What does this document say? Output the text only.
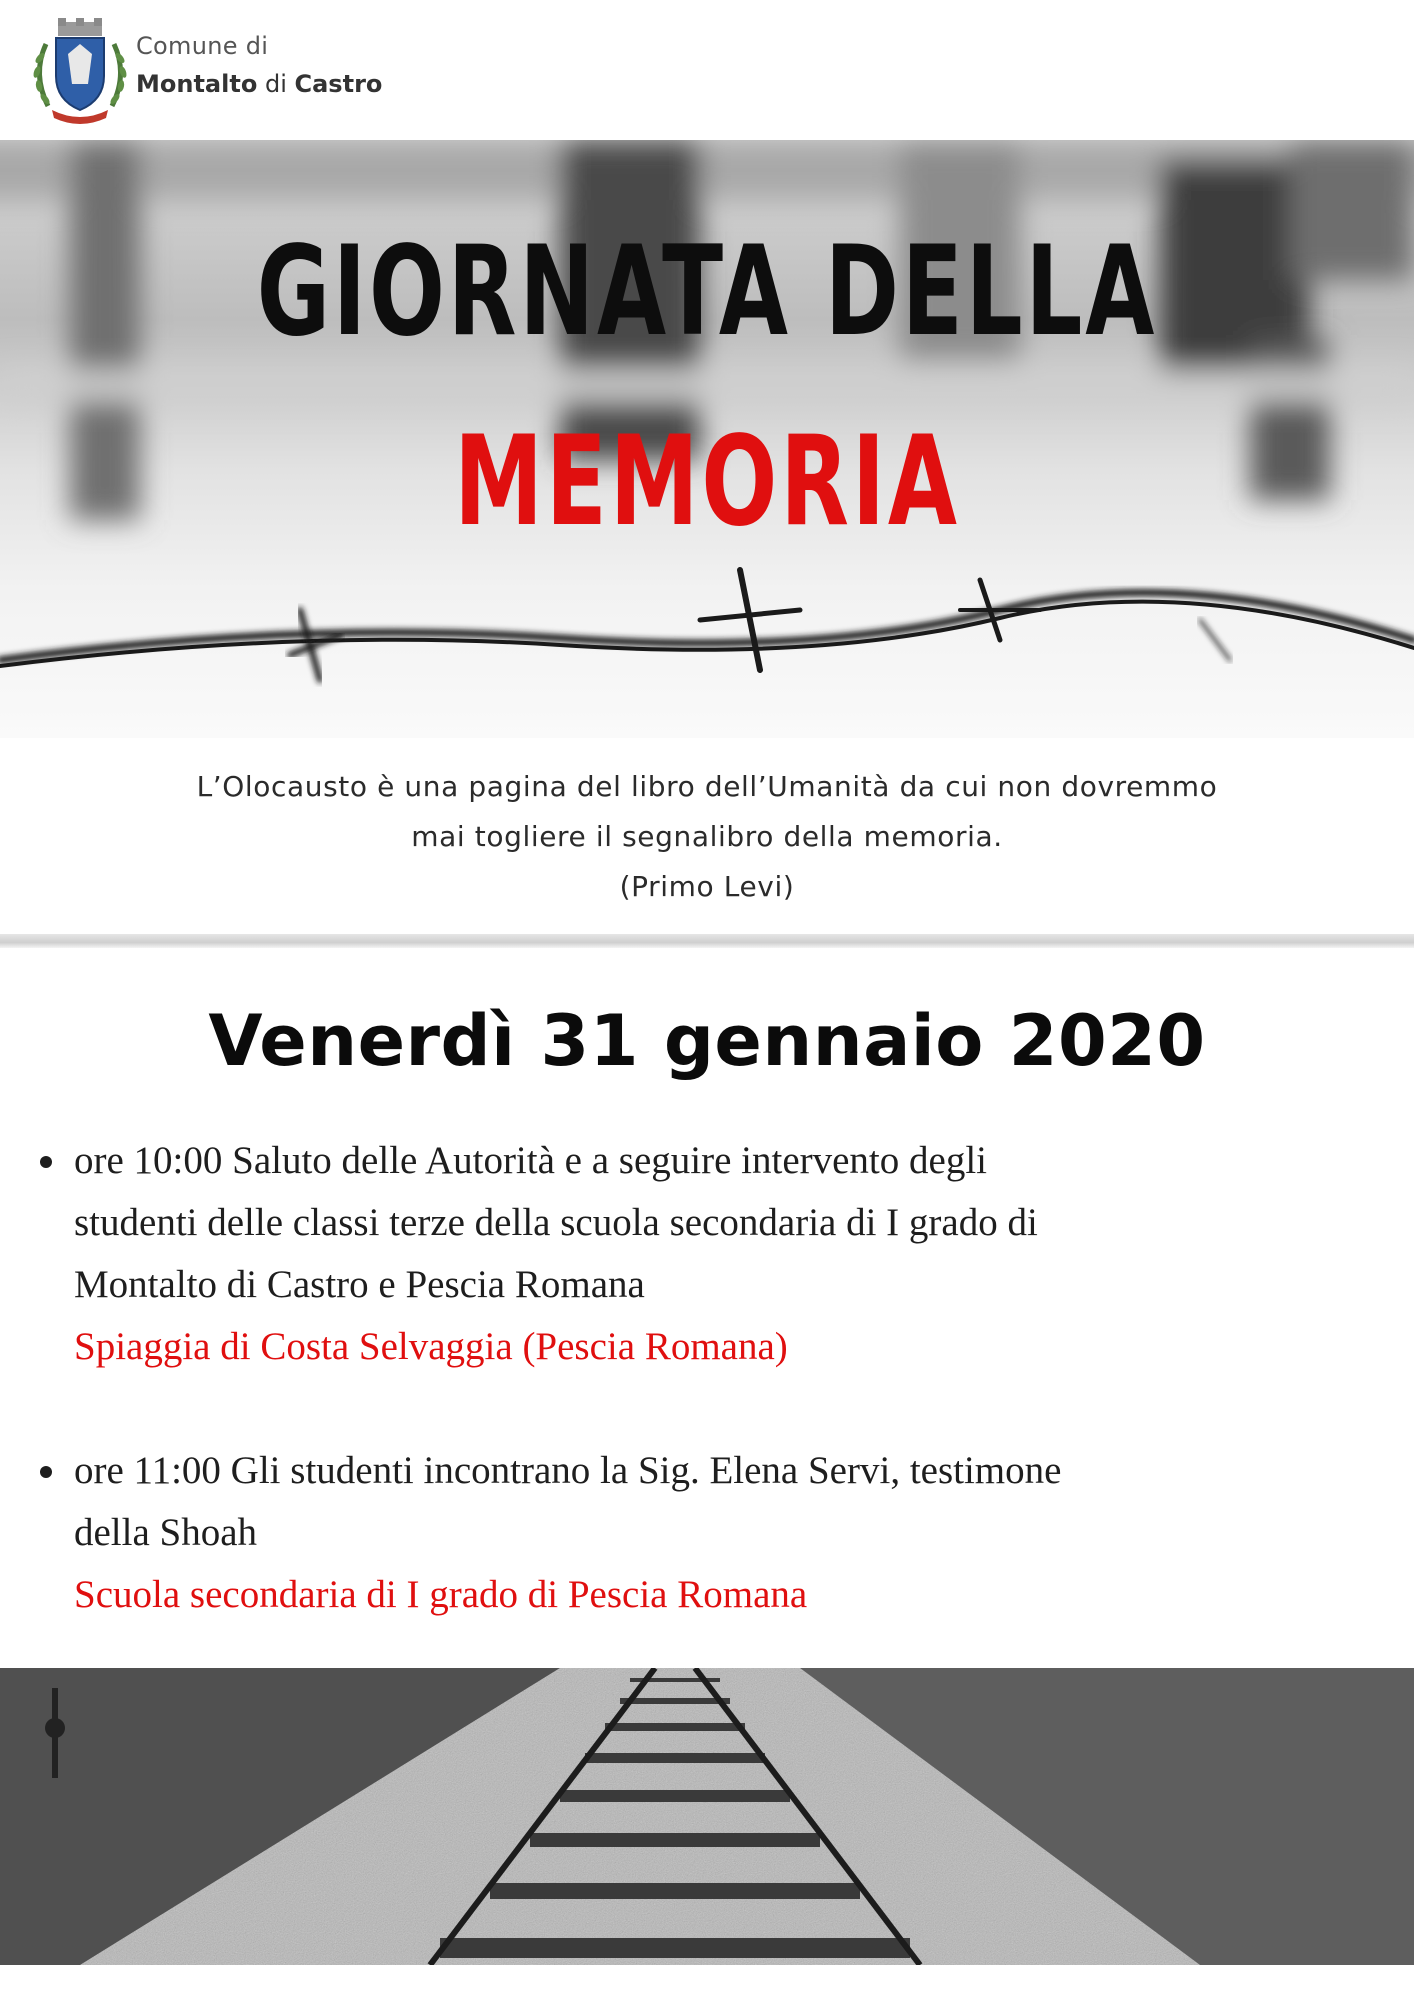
Comune di
Montalto di Castro
GIORNATA DELLA
MEMORIA
L’Olocausto è una pagina del libro dell’Umanità da cui non dovremmo
mai togliere il segnalibro della memoria.
(Primo Levi)
Venerdì 31 gennaio 2020
ore 10:00 Saluto delle Autorità e a seguire intervento degli
studenti delle classi terze della scuola secondaria di I grado di
Montalto di Castro e Pescia Romana
Spiaggia di Costa Selvaggia (Pescia Romana)
ore 11:00 Gli studenti incontrano la Sig. Elena Servi, testimone
della Shoah
Scuola secondaria di I grado di Pescia Romana
